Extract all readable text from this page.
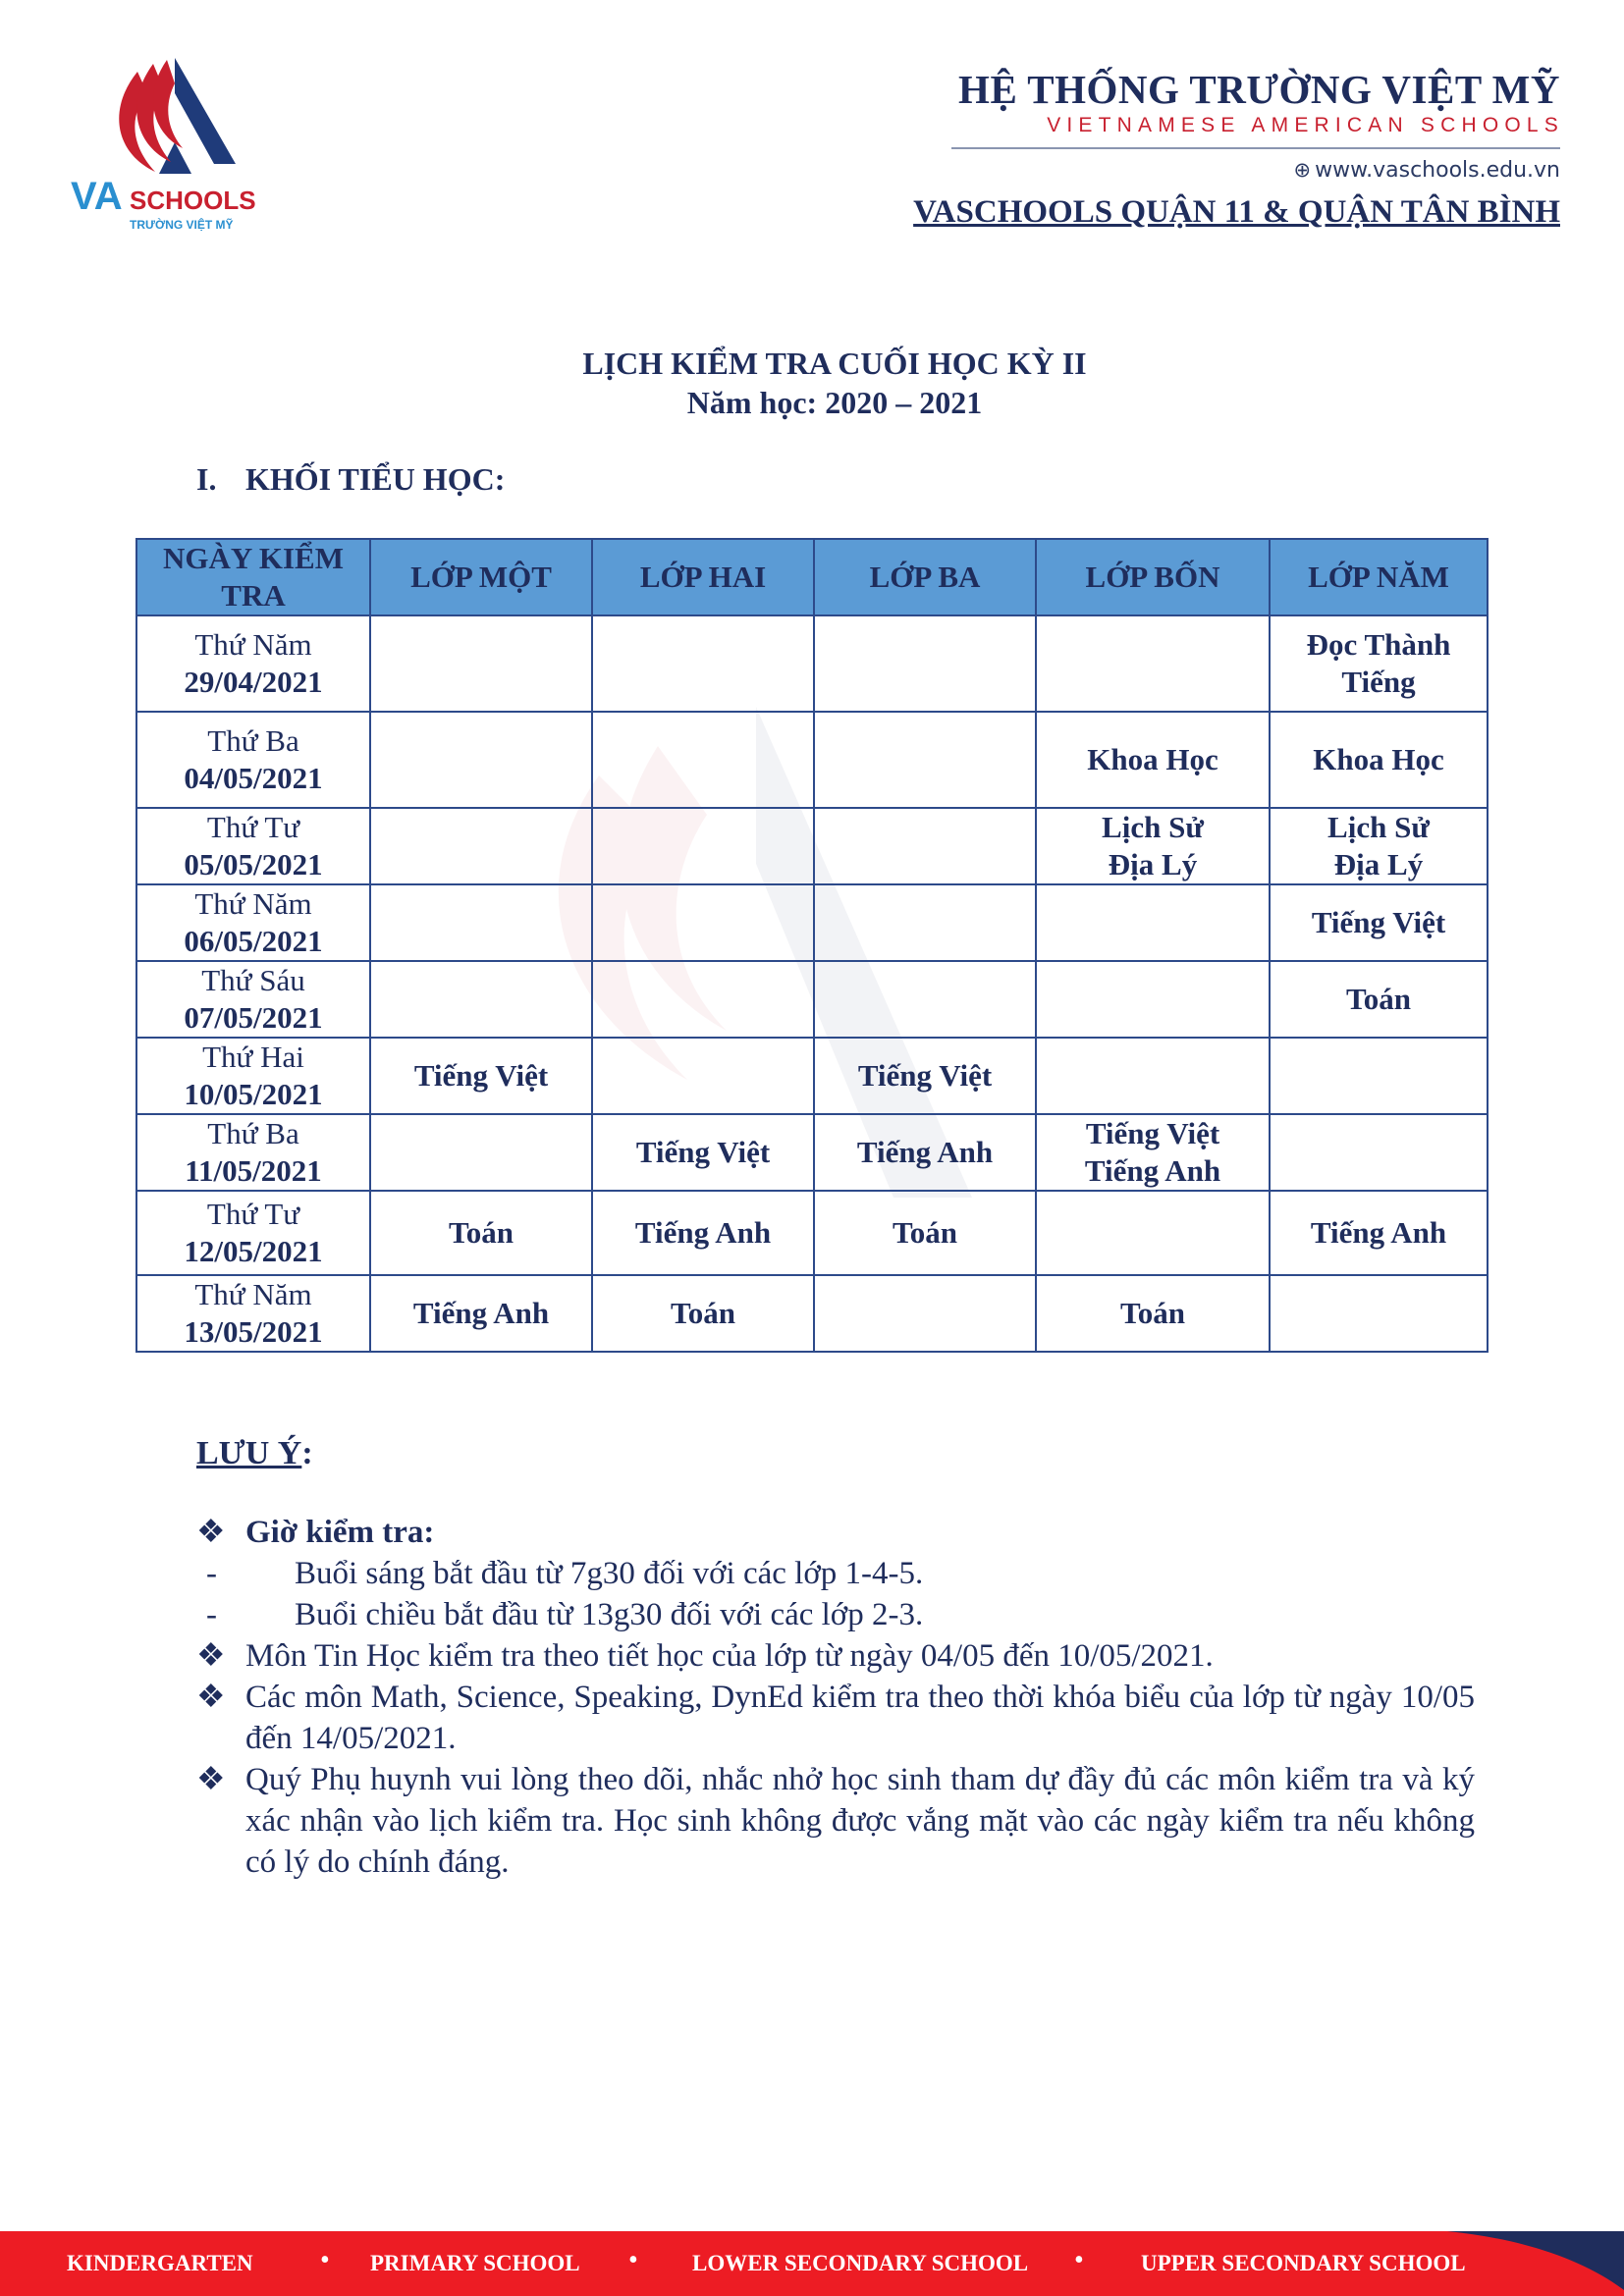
VA SCHOOLS
TRƯỜNG VIỆT MỸ
HỆ THỐNG TRƯỜNG VIỆT MỸ
VIETNAMESE AMERICAN SCHOOLS
⊕ www.vaschools.edu.vn
VASCHOOLS QUẬN 11 & QUẬN TÂN BÌNH
LỊCH KIỂM TRA CUỐI HỌC KỲ II
Năm học: 2020 – 2021
I. KHỐI TIỂU HỌC:
NGÀY KIỂM TRA	LỚP MỘT	LỚP HAI	LỚP BA	LỚP BỐN	LỚP NĂM

Thứ Năm
29/04/2021					Đọc Thành Tiếng

Thứ Ba
04/05/2021				Khoa Học	Khoa Học

Thứ Tư
05/05/2021				Lịch Sử Địa Lý	Lịch Sử Địa Lý

Thứ Năm
06/05/2021					Tiếng Việt

Thứ Sáu
07/05/2021					Toán

Thứ Hai
10/05/2021	Tiếng Việt		Tiếng Việt		

Thứ Ba
11/05/2021		Tiếng Việt	Tiếng Anh	Tiếng Việt Tiếng Anh	

Thứ Tư
12/05/2021	Toán	Tiếng Anh	Toán		Tiếng Anh

Thứ Năm
13/05/2021	Tiếng Anh	Toán		Toán	
LƯU Ý:
❖ Giờ kiểm tra:
- Buổi sáng bắt đầu từ 7g30 đối với các lớp 1-4-5.
- Buổi chiều bắt đầu từ 13g30 đối với các lớp 2-3.
❖ Môn Tin Học kiểm tra theo tiết học của lớp từ ngày 04/05 đến 10/05/2021.
❖ Các môn Math, Science, Speaking, DynEd kiểm tra theo thời khóa biểu của lớp từ ngày 10/05 đến 14/05/2021.
❖ Quý Phụ huynh vui lòng theo dõi, nhắc nhở học sinh tham dự đầy đủ các môn kiểm tra và ký xác nhận vào lịch kiểm tra. Học sinh không được vắng mặt vào các ngày kiểm tra nếu không có lý do chính đáng.
KINDERGARTEN • PRIMARY SCHOOL • LOWER SECONDARY SCHOOL •	UPPER SECONDARY SCHOOL
